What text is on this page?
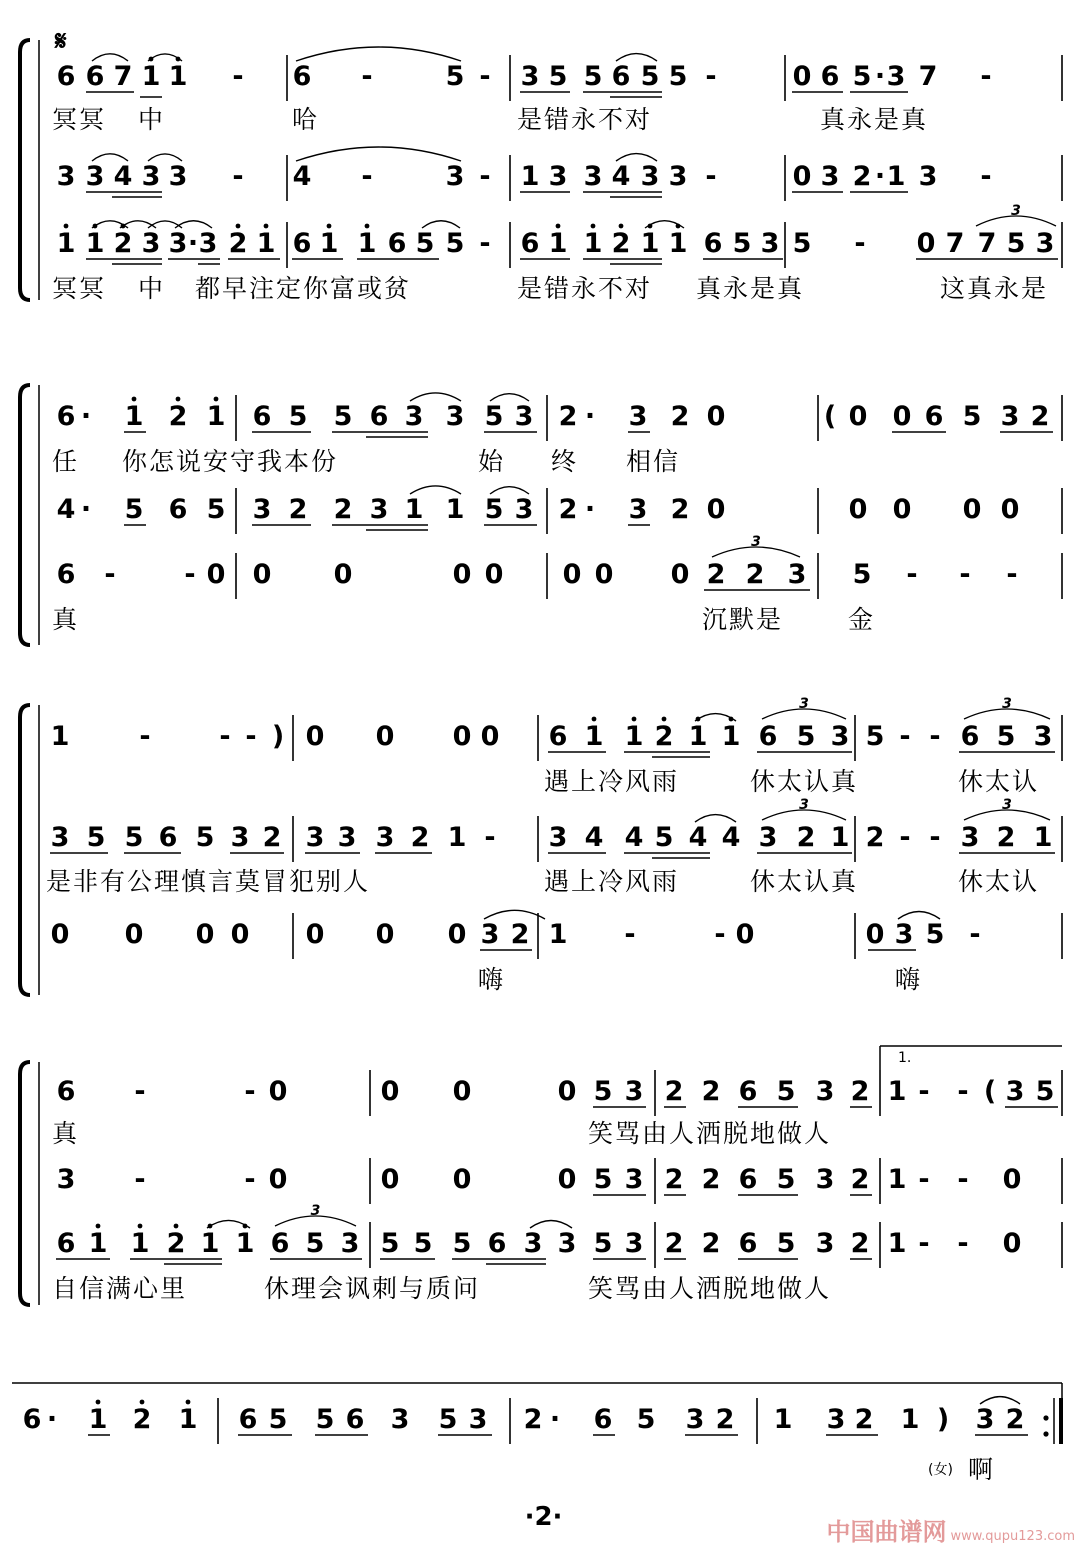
6 6 7 1 1 - 6 -	5 - 3 5 5 6 5 5 -	0 6 5 · 3 7 -
冥冥 中	哈	是错永不对	真永是真
3 3 4 3 3 - 4 -	3 - 1 3 3 4 3 3 -	0 3 2 · 1 3 -
1 1 2 3 3 · 3 2 1 6 1 1 6 5 5 - 6 1 1 2 1 1 6 5 3 5 - 0 7 7 5 3
3
冥冥 中 都早注定你富或贫	是错永不对 真永是真	这真永是
6 · 1 2 1 6 5 5 6 3 3 5 3 2 · 3 2 0	( 0 0 6 5 3 2
任 你怎说安守我本份	始 终 相信
4 · 5 6 5 3 2 2 3 1 1 5 3 2 · 3 2 0	0 0 0 0
6 -	- 0 0 0	0 0 0 0 0 2 2 3 5 - - -
3
真	沉默是	金
1	-	- - ) 0 0 0 0 6 1 1 2 1 1 6 5 3 5 - - 6 5 3
3	3
遇上冷风雨	休太认真	休太认
3 5 5 6 5 3 2 3 3 3 2 1 - 3 4 4 5 4 4 3 2 1 2 - - 3 2 1
3	3
是非有公理慎言莫冒犯别人	遇上冷风雨	休太认真	休太认
0 0 0 0 0 0 0 3 2 1 -	- 0	0 3 5 -
嗨	嗨
6 -	- 0	0 0	0 5 3 2 2 6 5 3 2 1 - - ( 3 5
真	笑骂由人洒脱地做人
3 -	- 0	0 0	0 5 3 2 2 6 5 3 2 1 - - 0
6 1 1 2 1 1 6 5 3 5 5 5 6 3 3 5 3 2 2 6 5 3 2 1 - - 0
3
自信满心里	休理会讽刺与质问	笑骂由人洒脱地做人
6 · 1 2 1 6 5 5 6 3 5 3 2 · 6 5 3 2 1 3 2 1 ) 3 2
𝄋
1.
(女) 啊
·2·	中国曲谱网 www.qupu123.com
